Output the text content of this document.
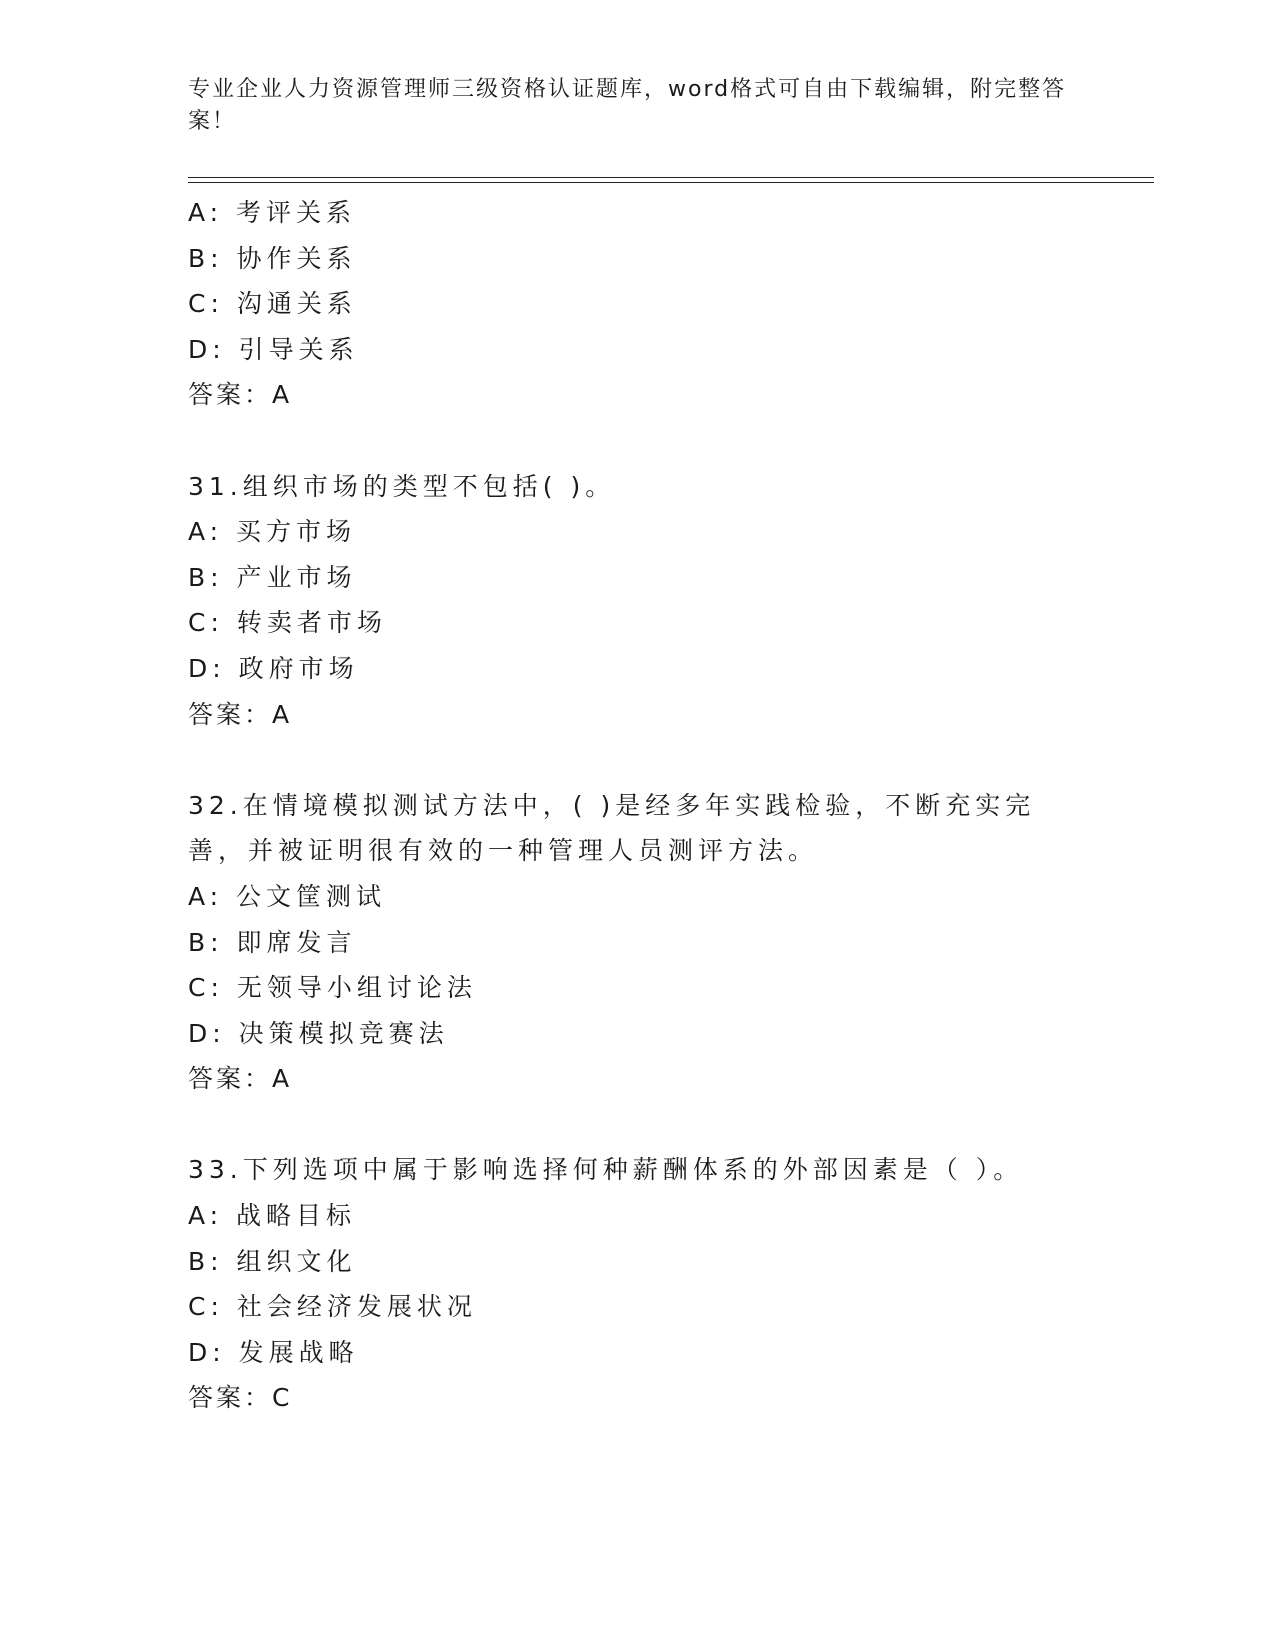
专业企业人力资源管理师三级资格认证题库，word格式可自由下载编辑，附完整答案！
A: 考评关系
B: 协作关系
C: 沟通关系
D: 引导关系
答案：A
31.组织市场的类型不包括( )。
A: 买方市场
B: 产业市场
C: 转卖者市场
D: 政府市场
答案：A
32.在情境模拟测试方法中，( )是经多年实践检验，不断充实完善，并被证明很有效的一种管理人员测评方法。
A: 公文筐测试
B: 即席发言
C: 无领导小组讨论法
D: 决策模拟竞赛法
答案：A
33.下列选项中属于影响选择何种薪酬体系的外部因素是（ ）。
A: 战略目标
B: 组织文化
C: 社会经济发展状况
D: 发展战略
答案：C
